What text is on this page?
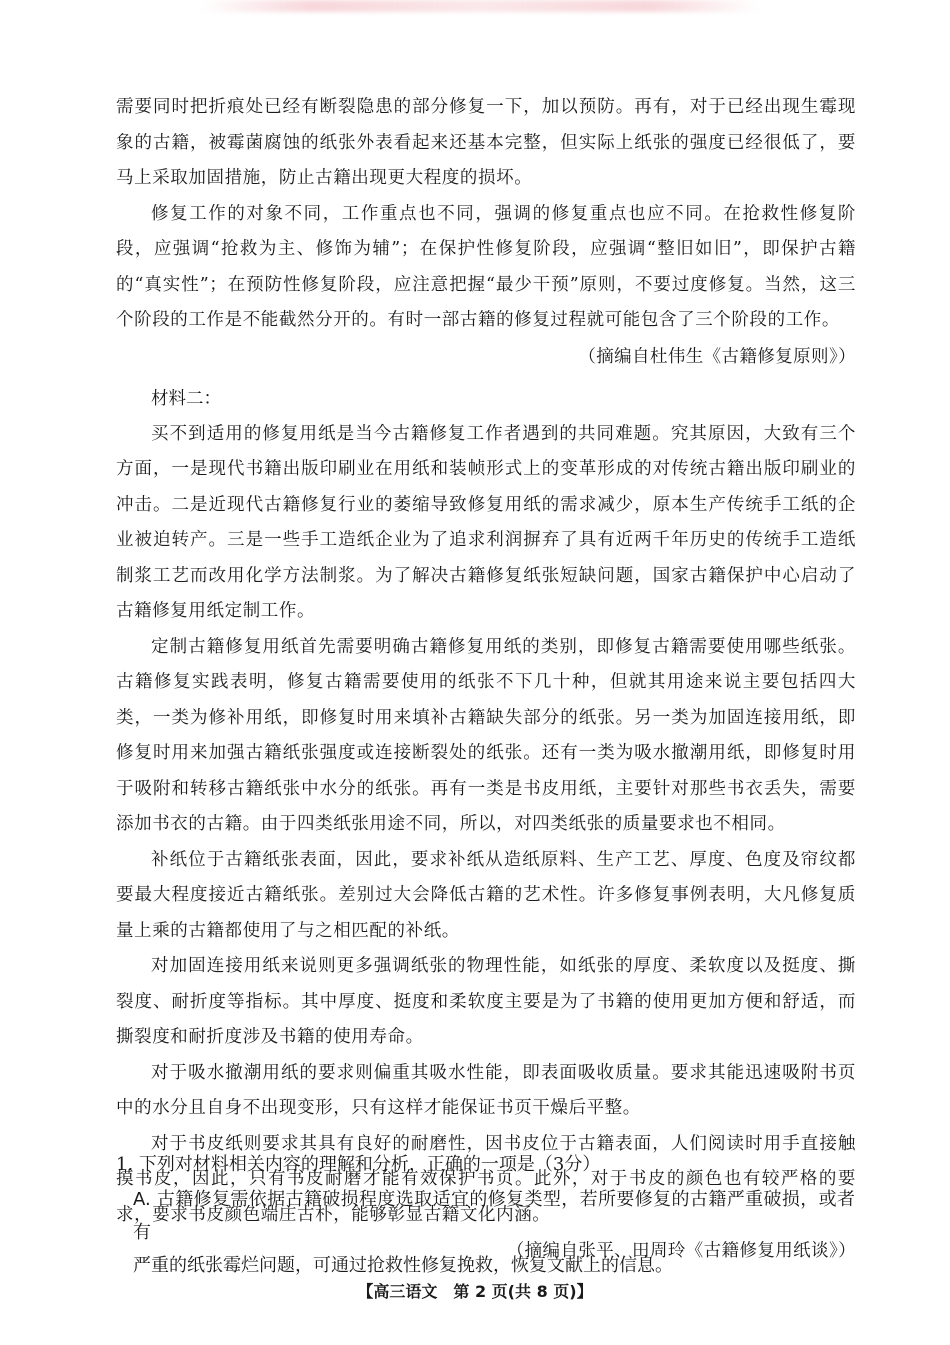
需要同时把折痕处已经有断裂隐患的部分修复一下，加以预防。再有，对于已经出现生霉现象的古籍，被霉菌腐蚀的纸张外表看起来还基本完整，但实际上纸张的强度已经很低了，要马上采取加固措施，防止古籍出现更大程度的损坏。

修复工作的对象不同，工作重点也不同，强调的修复重点也应不同。在抢救性修复阶段，应强调“抢救为主、修饰为辅”；在保护性修复阶段，应强调“整旧如旧”，即保护古籍的“真实性”；在预防性修复阶段，应注意把握“最少干预”原则，不要过度修复。当然，这三个阶段的工作是不能截然分开的。有时一部古籍的修复过程就可能包含了三个阶段的工作。

（摘编自杜伟生《古籍修复原则》）

材料二：

买不到适用的修复用纸是当今古籍修复工作者遇到的共同难题。究其原因，大致有三个方面，一是现代书籍出版印刷业在用纸和装帧形式上的变革形成的对传统古籍出版印刷业的冲击。二是近现代古籍修复行业的萎缩导致修复用纸的需求减少，原本生产传统手工纸的企业被迫转产。三是一些手工造纸企业为了追求利润摒弃了具有近两千年历史的传统手工造纸制浆工艺而改用化学方法制浆。为了解决古籍修复纸张短缺问题，国家古籍保护中心启动了古籍修复用纸定制工作。

定制古籍修复用纸首先需要明确古籍修复用纸的类别，即修复古籍需要使用哪些纸张。古籍修复实践表明，修复古籍需要使用的纸张不下几十种，但就其用途来说主要包括四大类，一类为修补用纸，即修复时用来填补古籍缺失部分的纸张。另一类为加固连接用纸，即修复时用来加强古籍纸张强度或连接断裂处的纸张。还有一类为吸水撤潮用纸，即修复时用于吸附和转移古籍纸张中水分的纸张。再有一类是书皮用纸，主要针对那些书衣丢失，需要添加书衣的古籍。由于四类纸张用途不同，所以，对四类纸张的质量要求也不相同。

补纸位于古籍纸张表面，因此，要求补纸从造纸原料、生产工艺、厚度、色度及帘纹都要最大程度接近古籍纸张。差别过大会降低古籍的艺术性。许多修复事例表明，大凡修复质量上乘的古籍都使用了与之相匹配的补纸。

对加固连接用纸来说则更多强调纸张的物理性能，如纸张的厚度、柔软度以及挺度、撕裂度、耐折度等指标。其中厚度、挺度和柔软度主要是为了书籍的使用更加方便和舒适，而撕裂度和耐折度涉及书籍的使用寿命。

对于吸水撤潮用纸的要求则偏重其吸水性能，即表面吸收质量。要求其能迅速吸附书页中的水分且自身不出现变形，只有这样才能保证书页干燥后平整。

对于书皮纸则要求其具有良好的耐磨性，因书皮位于古籍表面，人们阅读时用手直接触摸书皮，因此，只有书皮耐磨才能有效保护书页。此外，对于书皮的颜色也有较严格的要求，要求书皮颜色端庄古朴，能够彰显古籍文化内涵。

（摘编自张平、田周玲《古籍修复用纸谈》）

1. 下列对材料相关内容的理解和分析，正确的一项是（3分）

A. 古籍修复需依据古籍破损程度选取适宜的修复类型，若所要修复的古籍严重破损，或者有
严重的纸张霉烂问题，可通过抢救性修复挽救，恢复文献上的信息。

【高三语文　第 2 页(共 8 页)】
